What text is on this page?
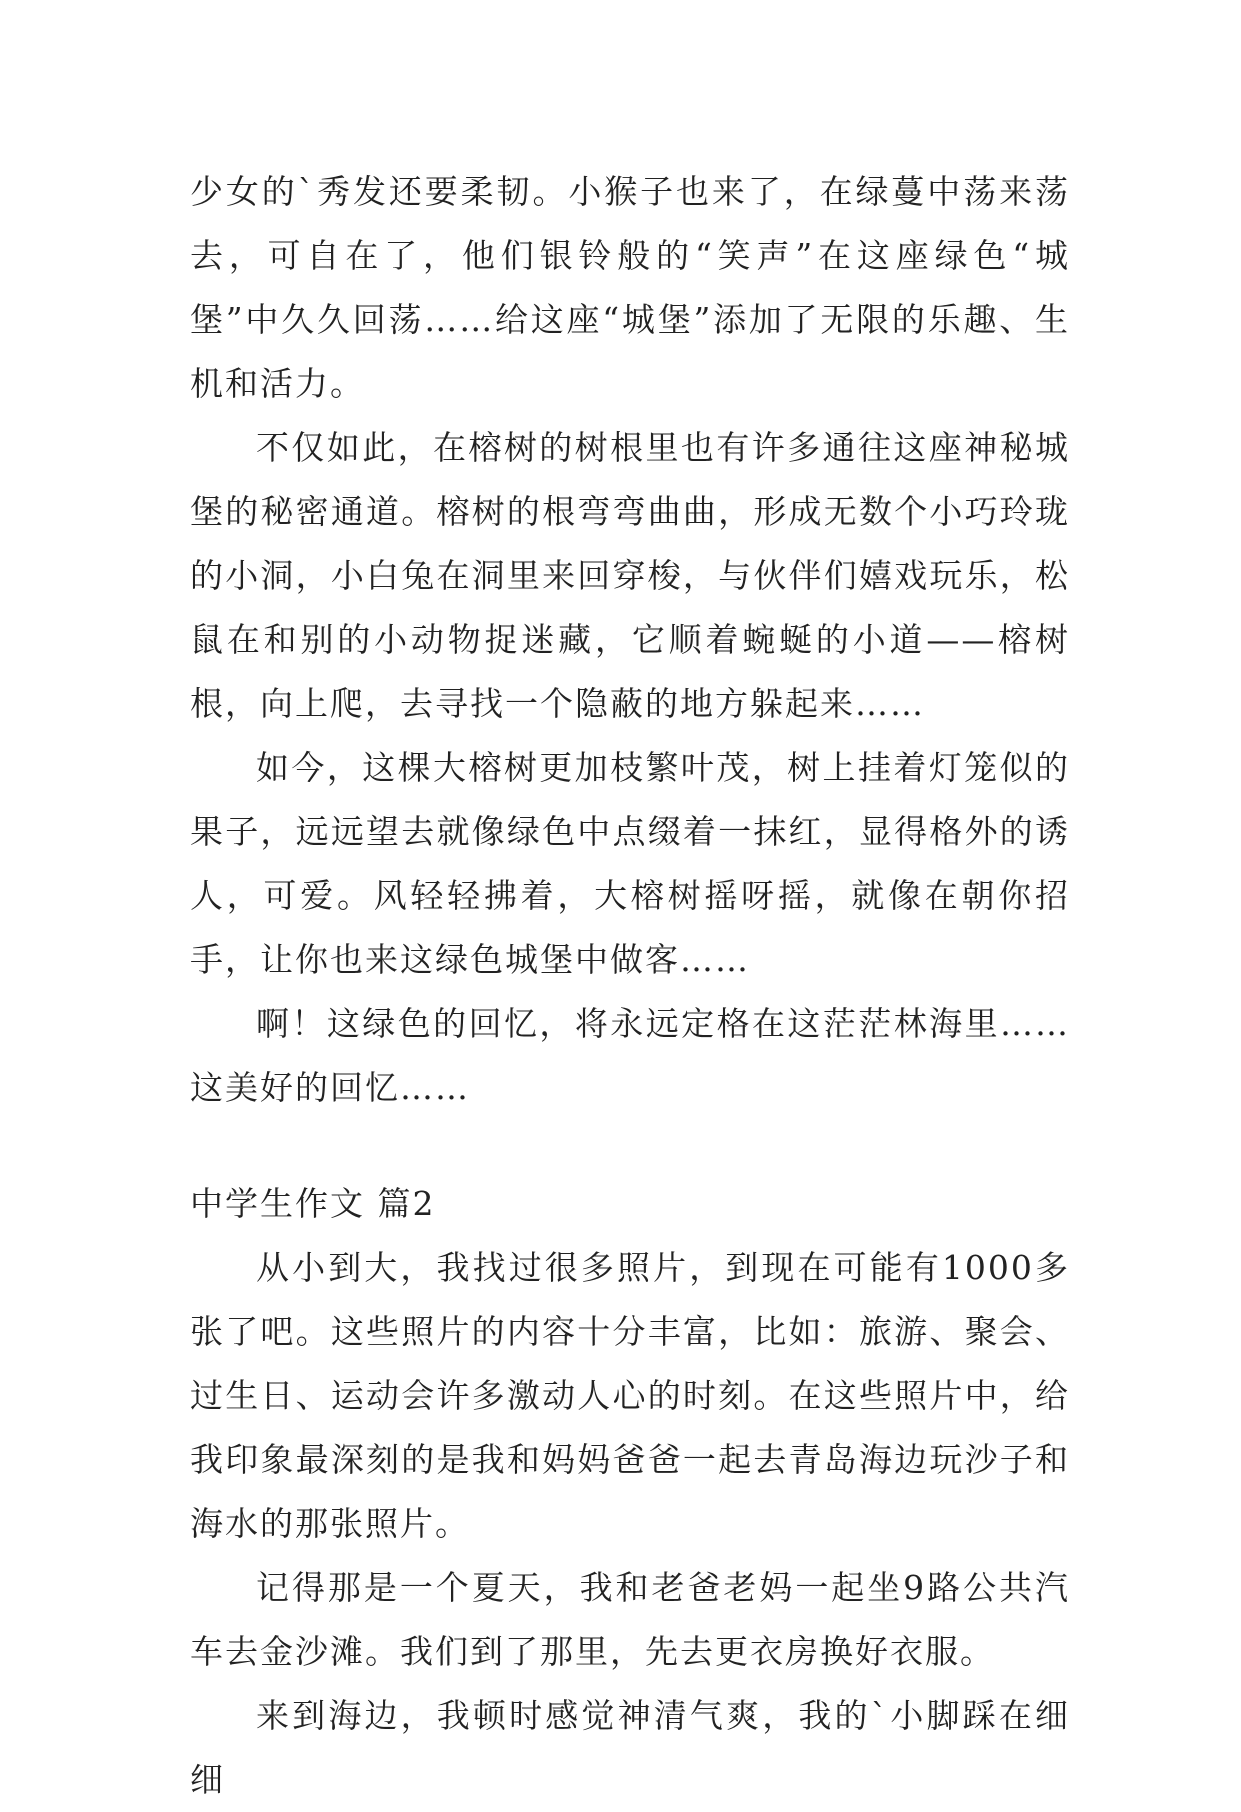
少女的`秀发还要柔韧。小猴子也来了，在绿蔓中荡来荡去，可自在了，他们银铃般的“笑声”在这座绿色“城堡”中久久回荡……给这座“城堡”添加了无限的乐趣、生机和活力。

不仅如此，在榕树的树根里也有许多通往这座神秘城堡的秘密通道。榕树的根弯弯曲曲，形成无数个小巧玲珑的小洞，小白兔在洞里来回穿梭，与伙伴们嬉戏玩乐，松鼠在和别的小动物捉迷藏，它顺着蜿蜒的小道——榕树根，向上爬，去寻找一个隐蔽的地方躲起来……

如今，这棵大榕树更加枝繁叶茂，树上挂着灯笼似的果子，远远望去就像绿色中点缀着一抹红，显得格外的诱人，可爱。风轻轻拂着，大榕树摇呀摇，就像在朝你招手，让你也来这绿色城堡中做客……

啊！这绿色的回忆，将永远定格在这茫茫林海里……这美好的回忆……

中学生作文 篇2

从小到大，我找过很多照片，到现在可能有1000多张了吧。这些照片的内容十分丰富，比如：旅游、聚会、过生日、运动会许多激动人心的时刻。在这些照片中，给我印象最深刻的是我和妈妈爸爸一起去青岛海边玩沙子和海水的那张照片。

记得那是一个夏天，我和老爸老妈一起坐9路公共汽车去金沙滩。我们到了那里，先去更衣房换好衣服。

来到海边，我顿时感觉神清气爽，我的`小脚踩在细细
